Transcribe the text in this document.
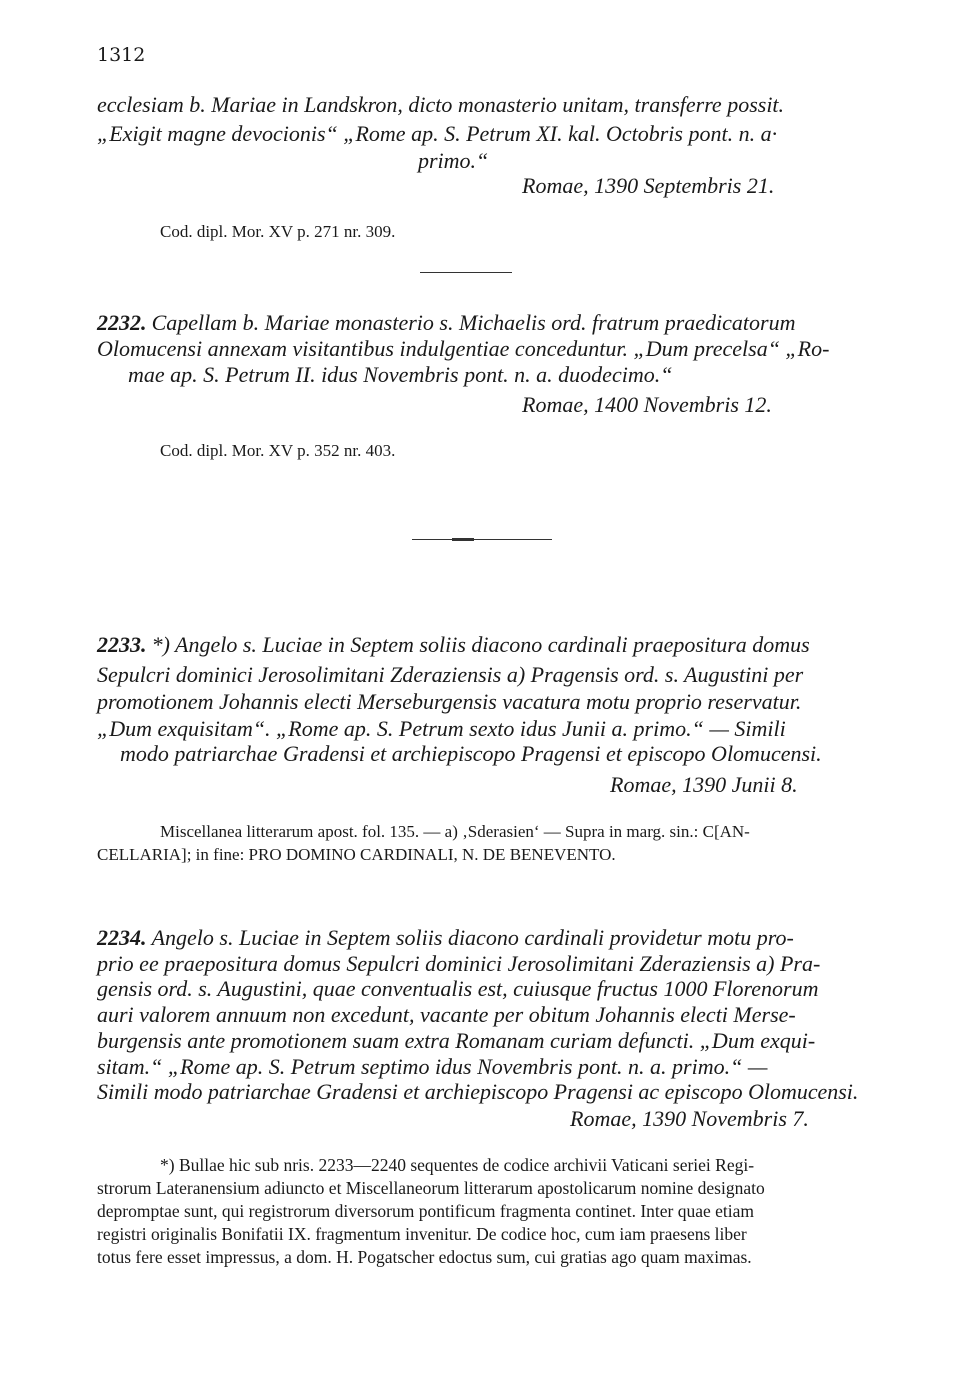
1312
ecclesiam b. Mariae in Landskron, dicto monasterio unitam, transferre possit.
„Exigit magne devocionis“ „Rome ap. S. Petrum XI. kal. Octobris pont. n. a·
primo.“
Romae, 1390 Septembris 21.
Cod. dipl. Mor. XV p. 271 nr. 309.
2232. Capellam b. Mariae monasterio s. Michaelis ord. fratrum praedicatorum
Olomucensi annexam visitantibus indulgentiae conceduntur. „Dum precelsa“ „Ro-
mae ap. S. Petrum II. idus Novembris pont. n. a. duodecimo.“
Romae, 1400 Novembris 12.
Cod. dipl. Mor. XV p. 352 nr. 403.
2233. *) Angelo s. Luciae in Septem soliis diacono cardinali praepositura domus
Sepulcri dominici Jerosolimitani Zderaziensis a) Pragensis ord. s. Augustini per
promotionem Johannis electi Merseburgensis vacatura motu proprio reservatur.
„Dum exquisitam“. „Rome ap. S. Petrum sexto idus Junii a. primo.“ — Simili
modo patriarchae Gradensi et archiepiscopo Pragensi et episcopo Olomucensi.
Romae, 1390 Junii 8.
Miscellanea litterarum apost. fol. 135. — a) ‚Sderasien‘ — Supra in marg. sin.: C[AN-
CELLARIA]; in fine: PRO DOMINO CARDINALI, N. DE BENEVENTO.
2234. Angelo s. Luciae in Septem soliis diacono cardinali providetur motu pro-
prio ee praepositura domus Sepulcri dominici Jerosolimitani Zderaziensis a) Pra-
gensis ord. s. Augustini, quae conventualis est, cuiusque fructus 1000 Florenorum
auri valorem annuum non excedunt, vacante per obitum Johannis electi Merse-
burgensis ante promotionem suam extra Romanam curiam defuncti. „Dum exqui-
sitam.“ „Rome ap. S. Petrum septimo idus Novembris pont. n. a. primo.“ —
Simili modo patriarchae Gradensi et archiepiscopo Pragensi ac episcopo Olomucensi.
Romae, 1390 Novembris 7.
*) Bullae hic sub nris. 2233—2240 sequentes de codice archivii Vaticani seriei Regi-
strorum Lateranensium adiuncto et Miscellaneorum litterarum apostolicarum nomine designato
depromptae sunt, qui registrorum diversorum pontificum fragmenta continet. Inter quae etiam
registri originalis Bonifatii IX. fragmentum invenitur. De codice hoc, cum iam praesens liber
totus fere esset impressus, a dom. H. Pogatscher edoctus sum, cui gratias ago quam maximas.
